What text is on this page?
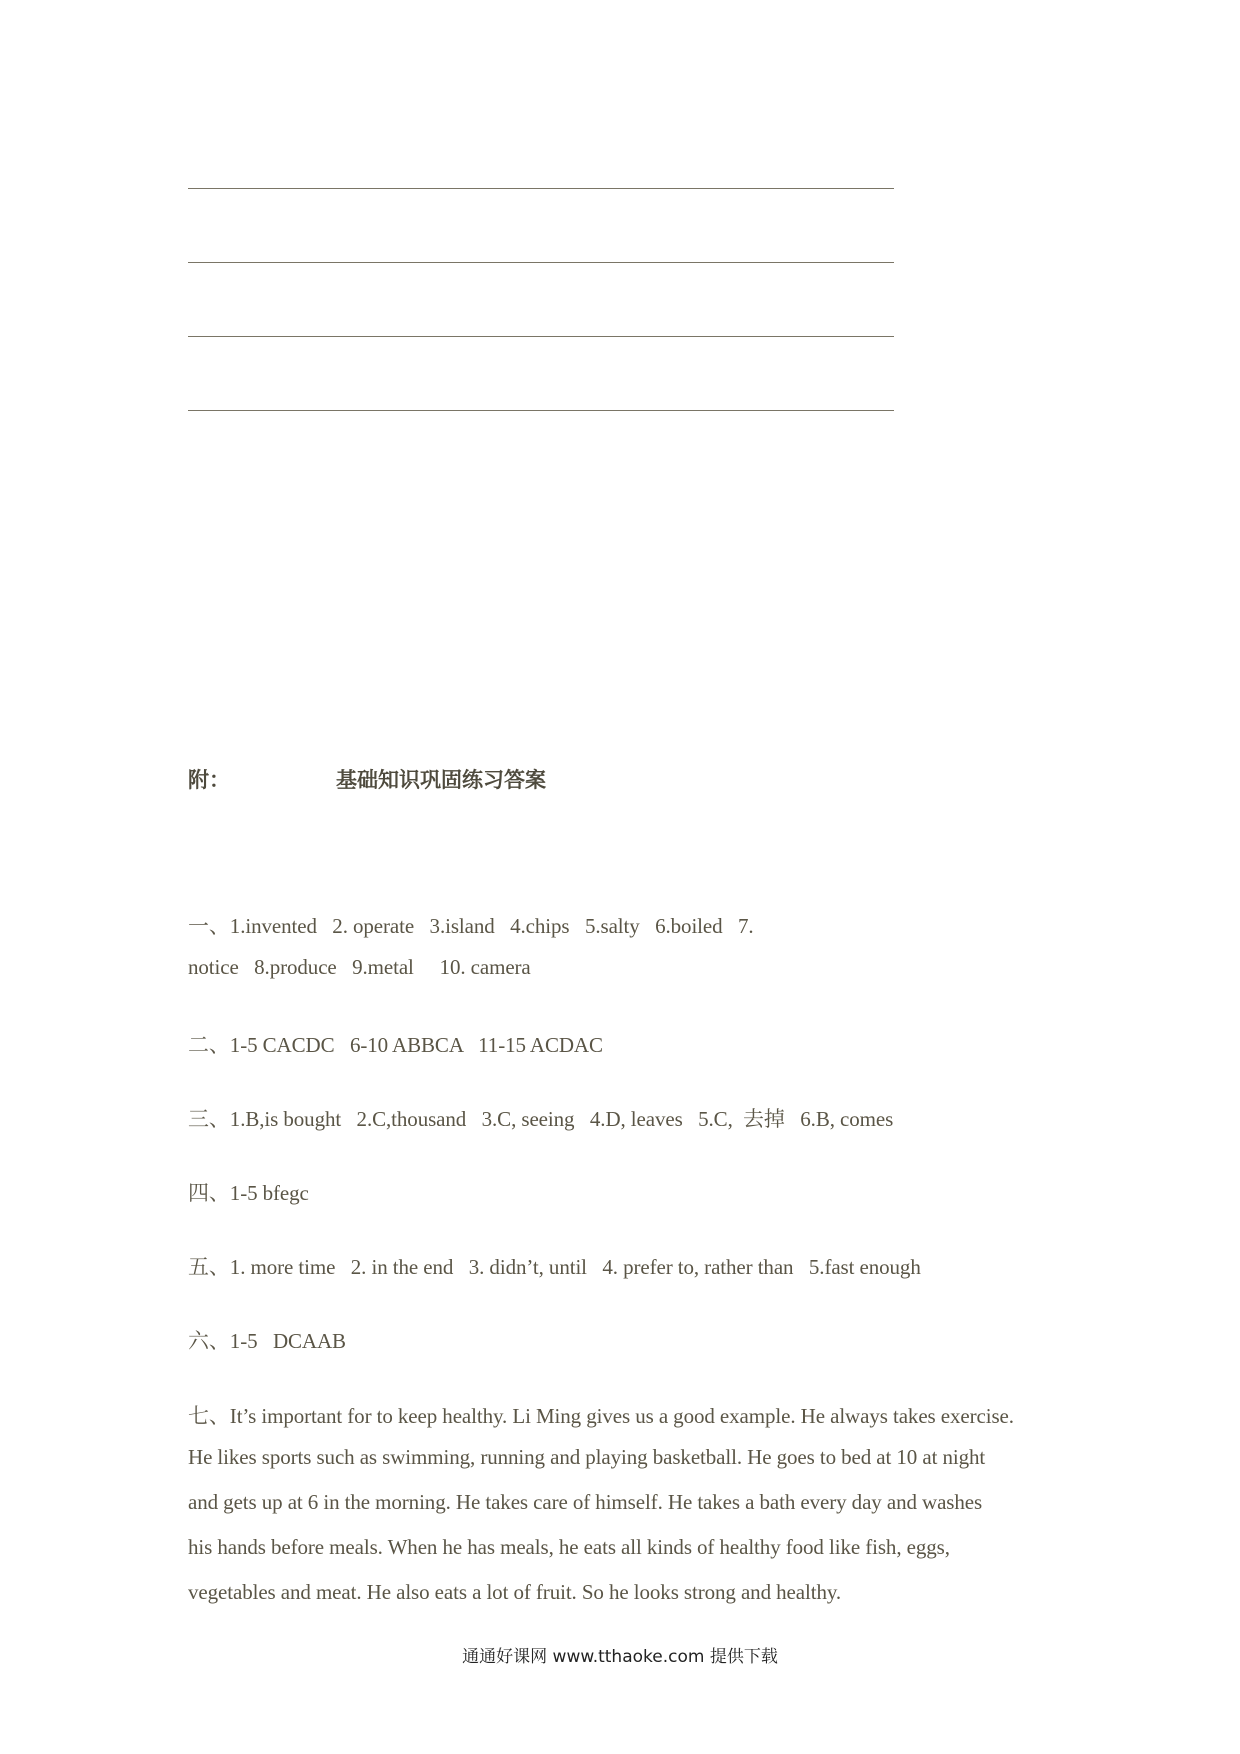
附：	基础知识巩固练习答案
一、1.invented   2. operate   3.island   4.chips   5.salty   6.boiled   7.
notice   8.produce   9.metal     10. camera
二、1-5 CACDC   6-10 ABBCA   11-15 ACDAC
三、1.B,is bought   2.C,thousand   3.C, seeing   4.D, leaves   5.C,  去掉   6.B, comes
四、1-5 bfegc
五、1. more time   2. in the end   3. didn’t, until   4. prefer to, rather than   5.fast enough
六、1-5   DCAAB
七、It’s important for to keep healthy. Li Ming gives us a good example. He always takes exercise.
He likes sports such as swimming, running and playing basketball. He goes to bed at 10 at night
and gets up at 6 in the morning. He takes care of himself. He takes a bath every day and washes
his hands before meals. When he has meals, he eats all kinds of healthy food like fish, eggs,
vegetables and meat. He also eats a lot of fruit. So he looks strong and healthy.
通通好课网 www.tthaoke.com 提供下载
